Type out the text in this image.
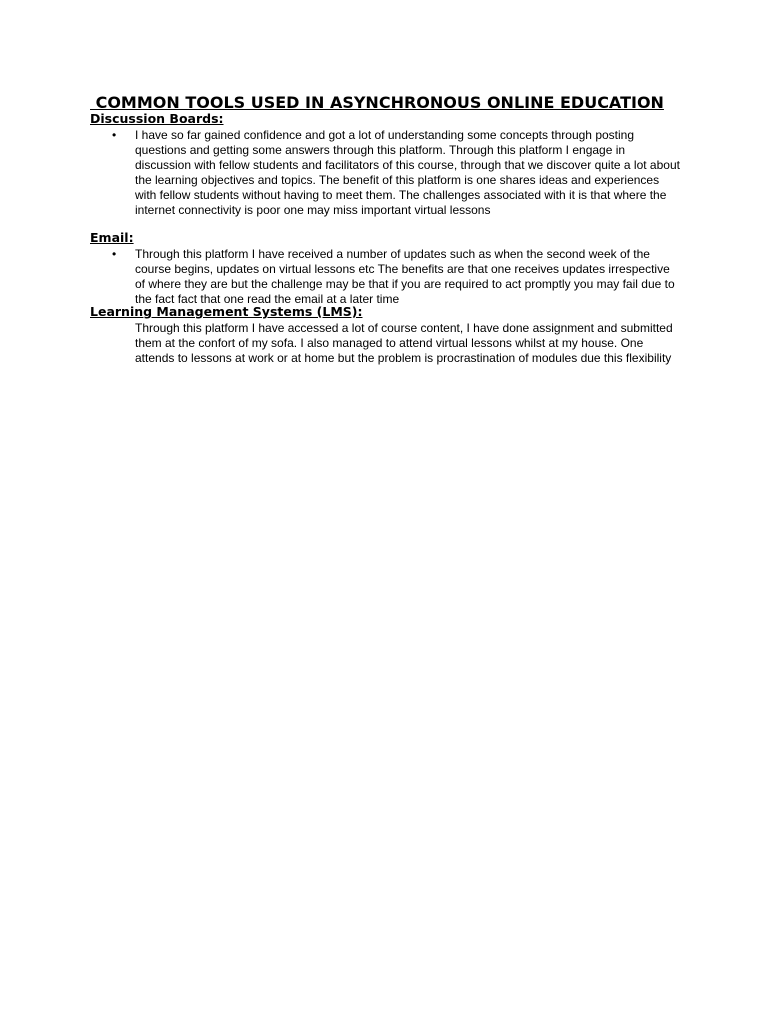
COMMON TOOLS USED IN ASYNCHRONOUS ONLINE EDUCATION
Discussion Boards:
• I have so far gained confidence and got a lot of understanding some concepts through posting questions and getting some answers through this platform. Through this platform I engage in discussion with fellow students and facilitators of this course, through that we discover quite a lot about the learning objectives and topics. The benefit of this platform is one shares ideas and experiences with fellow students without having to meet them. The challenges associated with it is that where the internet connectivity is poor one may miss important virtual lessons

Email:
• Through this platform I have received a number of updates such as when the second week of the course begins, updates on virtual lessons etc The benefits are that one receives updates irrespective of where they are but the challenge may be that if you are required to act promptly you may fail due to the fact fact that one read the email at a later time

Learning Management Systems (LMS):

Through this platform I have accessed a lot of course content, I have done assignment and submitted them at the confort of my sofa. I also managed to attend virtual lessons whilst at my house. One attends to lessons at work or at home but the problem is procrastination of modules due this flexibility
